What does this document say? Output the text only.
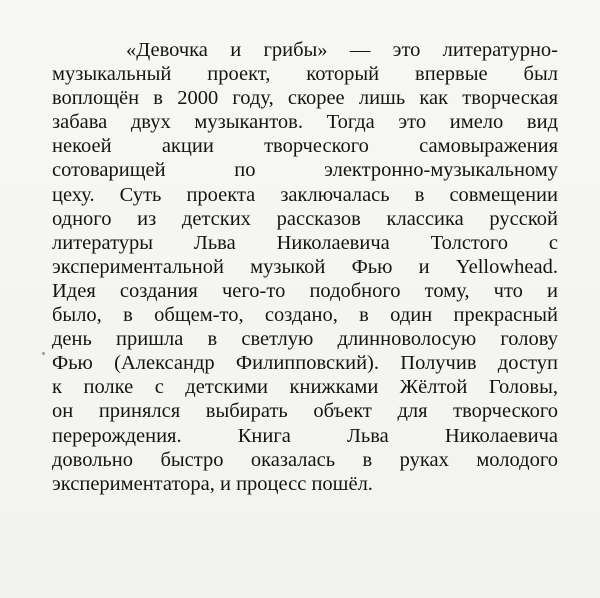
«Девочка и грибы» — это литературно-
музыкальный проект, который впервые был
воплощён в 2000 году, скорее лишь как творческая
забава двух музыкантов. Тогда это имело вид
некоей акции творческого самовыражения
сотоварищей по электронно-музыкальному
цеху. Суть проекта заключалась в совмещении
одного из детских рассказов классика русской
литературы Льва Николаевича Толстого с
экспериментальной музыкой Фью и Yellowhead.
Идея создания чего-то подобного тому, что и
было, в общем-то, создано, в один прекрасный
день пришла в светлую длинноволосую голову
Фью (Александр Филипповский). Получив доступ
к полке с детскими книжками Жёлтой Головы,
он принялся выбирать объект для творческого
перерождения. Книга Льва Николаевича
довольно быстро оказалась в руках молодого
экспериментатора, и процесс пошёл.
